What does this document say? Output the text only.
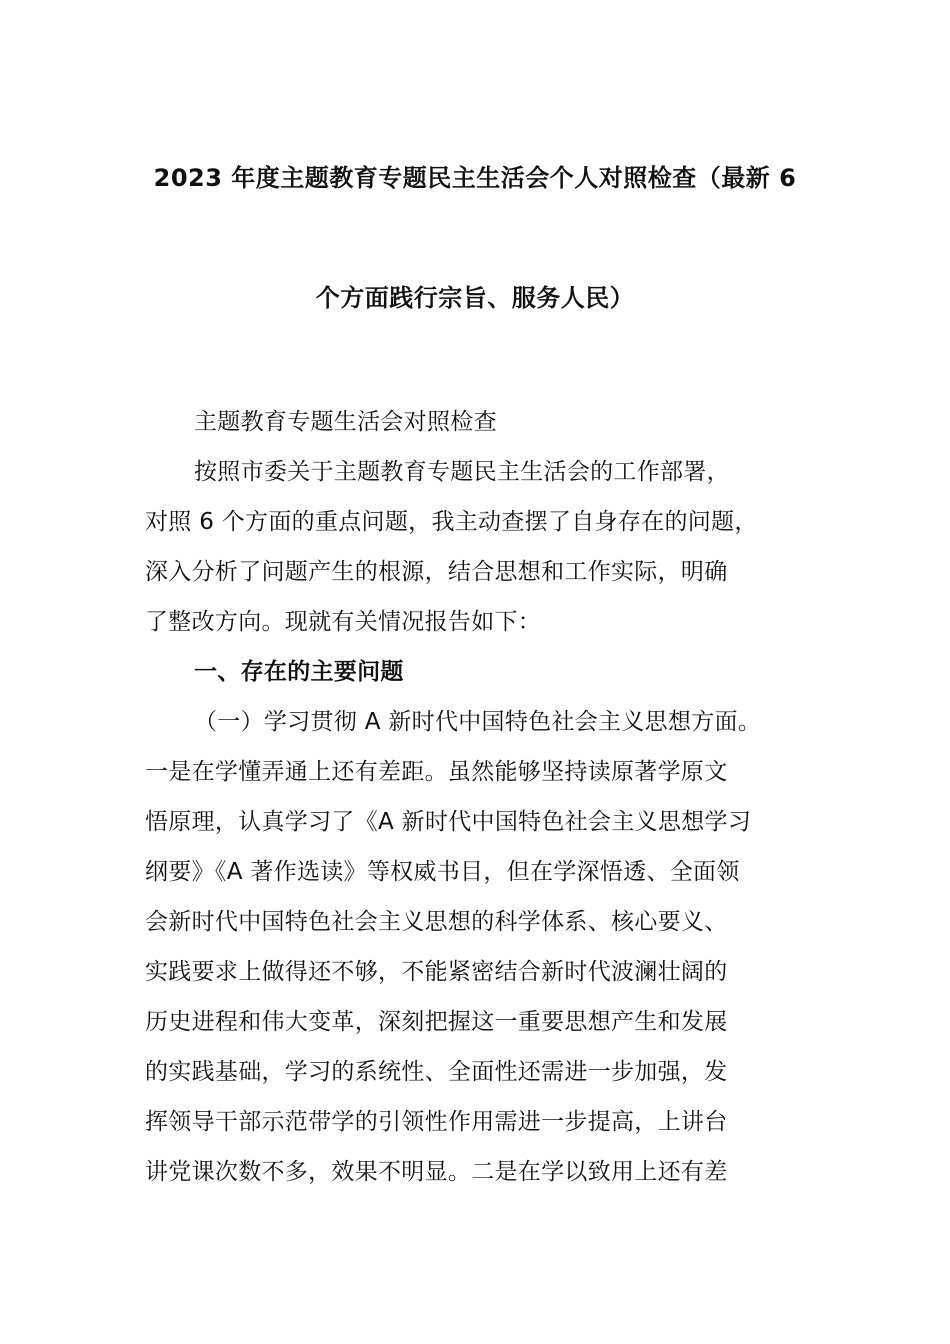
2023 年度主题教育专题民主生活会个人对照检查（最新 6
个方面践行宗旨、服务人民）
主题教育专题生活会对照检查
按照市委关于主题教育专题民主生活会的工作部署，
对照 6 个方面的重点问题，我主动查摆了自身存在的问题，
深入分析了问题产生的根源，结合思想和工作实际，明确
了整改方向。现就有关情况报告如下：
一、存在的主要问题
（一）学习贯彻 A 新时代中国特色社会主义思想方面。
一是在学懂弄通上还有差距。虽然能够坚持读原著学原文
悟原理，认真学习了《A 新时代中国特色社会主义思想学习
纲要》《A 著作选读》等权威书目，但在学深悟透、全面领
会新时代中国特色社会主义思想的科学体系、核心要义、
实践要求上做得还不够，不能紧密结合新时代波澜壮阔的
历史进程和伟大变革，深刻把握这一重要思想产生和发展
的实践基础，学习的系统性、全面性还需进一步加强，发
挥领导干部示范带学的引领性作用需进一步提高，上讲台
讲党课次数不多，效果不明显。二是在学以致用上还有差
